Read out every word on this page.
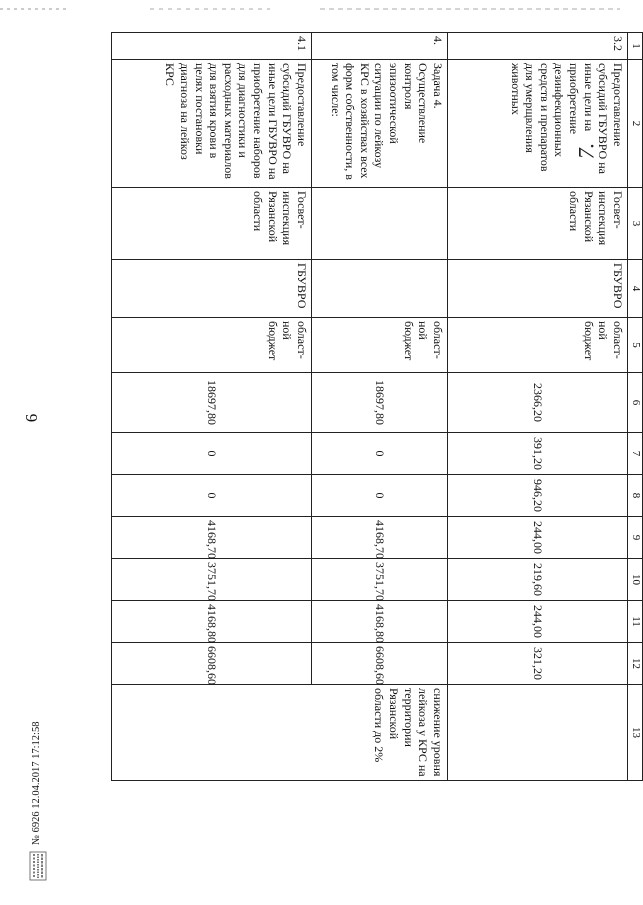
6
7.
1	2	3	4	5	6	7	8	9	10	11	12	13
3.2	Предоставление субсидий ГБУВРО на иные цели на приобретение дезинфекционных средств и препаратов для умерщвления животных	Госвет-инспекция Рязанской области	ГБУВРО	област-ной бюджет	2366,20	391,20	946,20	244,00	219,60	244,00	321,20	
4.	Задача 4. Осуществление контроля эпизоотической ситуации по лейкозу КРС в хозяйствах всех форм собственности, в том числе:			област-ной бюджет	18697,80	0	0	4168,70	3751,70	4168,80	6608,60	снижение уровня лейкоза у КРС на территории Рязанской области до 2%
4.1	Предоставление субсидий ГБУВРО на иные цели ГБУВРО на приобретение наборов для диагностики и расходных материалов для взятия крови в целях постановки диагноза на лейкоз КРС	Госвет-инспекция Рязанской области	ГБУВРО	област-ной бюджет	18697,80	0	0	4168,70	3751,70	4168,80	6608,60	
№ 6926 12.04.2017 17:12:58
